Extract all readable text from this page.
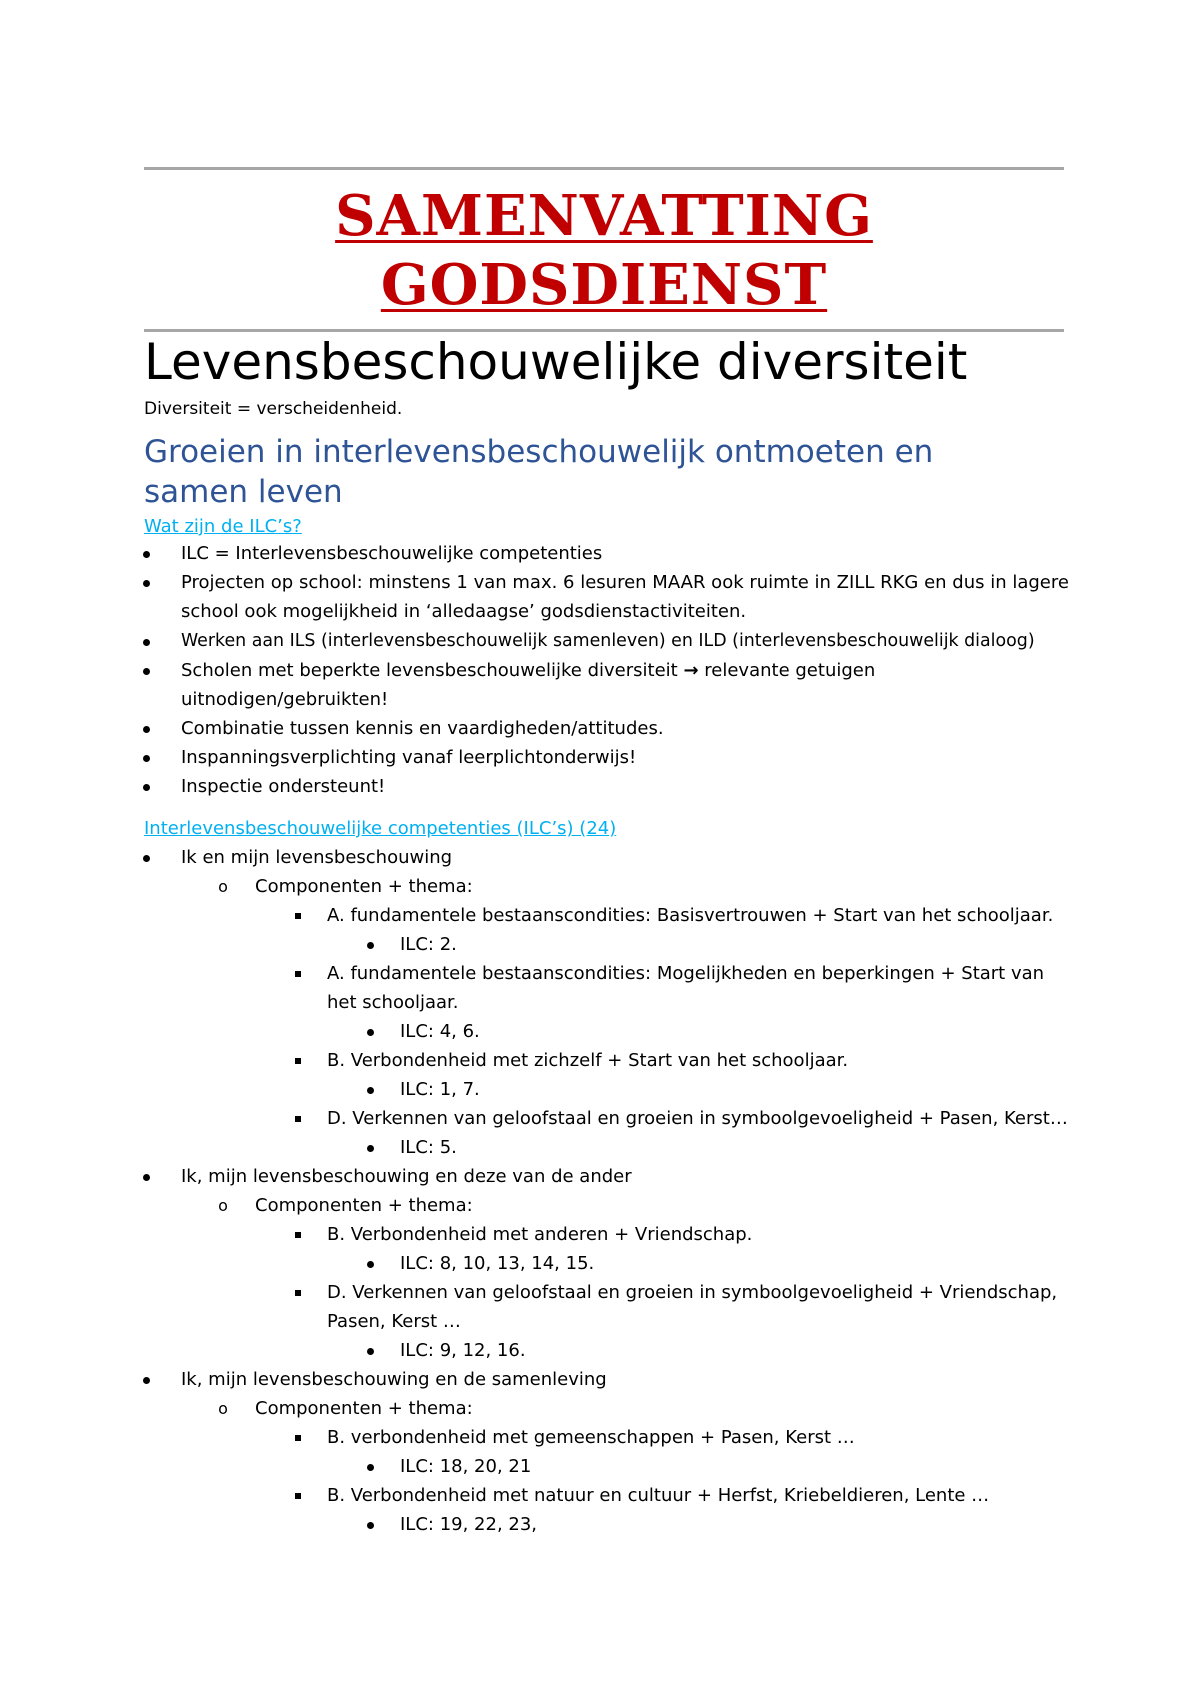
SAMENVATTING
GODSDIENST
Levensbeschouwelijke diversiteit
Diversiteit = verscheidenheid.
Groeien in interlevensbeschouwelijk ontmoeten en samen leven
Wat zijn de ILC’s?
ILC = Interlevensbeschouwelijke competenties
Projecten op school: minstens 1 van max. 6 lesuren MAAR ook ruimte in ZILL RKG en dus in lagere
school ook mogelijkheid in ‘alledaagse’ godsdienstactiviteiten.
Werken aan ILS (interlevensbeschouwelijk samenleven) en ILD (interlevensbeschouwelijk dialoog)
Scholen met beperkte levensbeschouwelijke diversiteit → relevante getuigen
uitnodigen/gebruikten!
Combinatie tussen kennis en vaardigheden/attitudes.
Inspanningsverplichting vanaf leerplichtonderwijs!
Inspectie ondersteunt!
Interlevensbeschouwelijke competenties (ILC’s) (24)
Ik en mijn levensbeschouwing
o Componenten + thema:
A. fundamentele bestaanscondities: Basisvertrouwen + Start van het schooljaar.
ILC: 2.
A. fundamentele bestaanscondities: Mogelijkheden en beperkingen + Start van
het schooljaar.
ILC: 4, 6.
B. Verbondenheid met zichzelf + Start van het schooljaar.
ILC: 1, 7.
D. Verkennen van geloofstaal en groeien in symboolgevoeligheid + Pasen, Kerst…
ILC: 5.
Ik, mijn levensbeschouwing en deze van de ander
o Componenten + thema:
B. Verbondenheid met anderen + Vriendschap.
ILC: 8, 10, 13, 14, 15.
D. Verkennen van geloofstaal en groeien in symboolgevoeligheid + Vriendschap,
Pasen, Kerst …
ILC: 9, 12, 16.
Ik, mijn levensbeschouwing en de samenleving
o Componenten + thema:
B. verbondenheid met gemeenschappen + Pasen, Kerst …
ILC: 18, 20, 21
B. Verbondenheid met natuur en cultuur + Herfst, Kriebeldieren, Lente …
ILC: 19, 22, 23,
